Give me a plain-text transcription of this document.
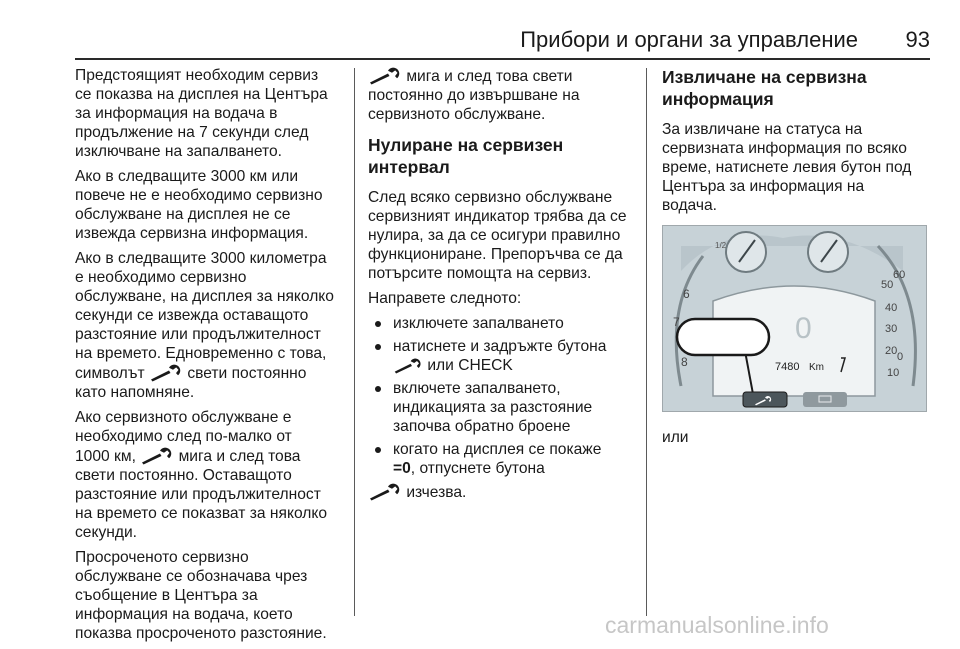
Прибори и органи за управление 93
Предстоящият необходим сервиз
се показва на дисплея на Центъра
за информация на водача в
продължение на 7 секунди след
изключване на запалването.
Ако в следващите 3000 км или
повече не е необходимо сервизно
обслужване на дисплея не се
извежда сервизна информация.
Ако в следващите 3000 километра
е необходимо сервизно
обслужване, на дисплея за няколко
секунди се извежда оставащото
разстояние или продължителност
на времето. Едновременно с това,
символът  свети постоянно
като напомняне.
Ако сервизното обслужване е
необходимо след по-малко от
1000 км,  мига и след това
свети постоянно. Оставащото
разстояние или продължителност
на времето се показват за няколко
секунди.
Просроченото сервизно
обслужване се обозначава чрез
съобщение в Центъра за
информация на водача, което
показва просроченото разстояние.
мига и след това свети
постоянно до извършване на
сервизното обслужване.
Нулиране на сервизен
интервал
След всяко сервизно обслужване
сервизният индикатор трябва да се
нулира, за да се осигури правилно
функциониране. Препоръчва се да
потърсите помощта на сервиз.
Направете следното:
изключете запалването
натиснете и задръжте бутона
или CHECK
включете запалването,
индикацията за разстояние
започва обратно броене
когато на дисплея се покаже
=0, отпуснете бутона
изчезва.
Извличане на сервизна
информация
За извличане на статуса на
сервизната информация по всяко
време, натиснете левия бутон под
Центъра за информация на
водача.
1/2
60
50
40
30
20
10
0
6
7
8
0
7480 Km
или
carmanualsonline.info
